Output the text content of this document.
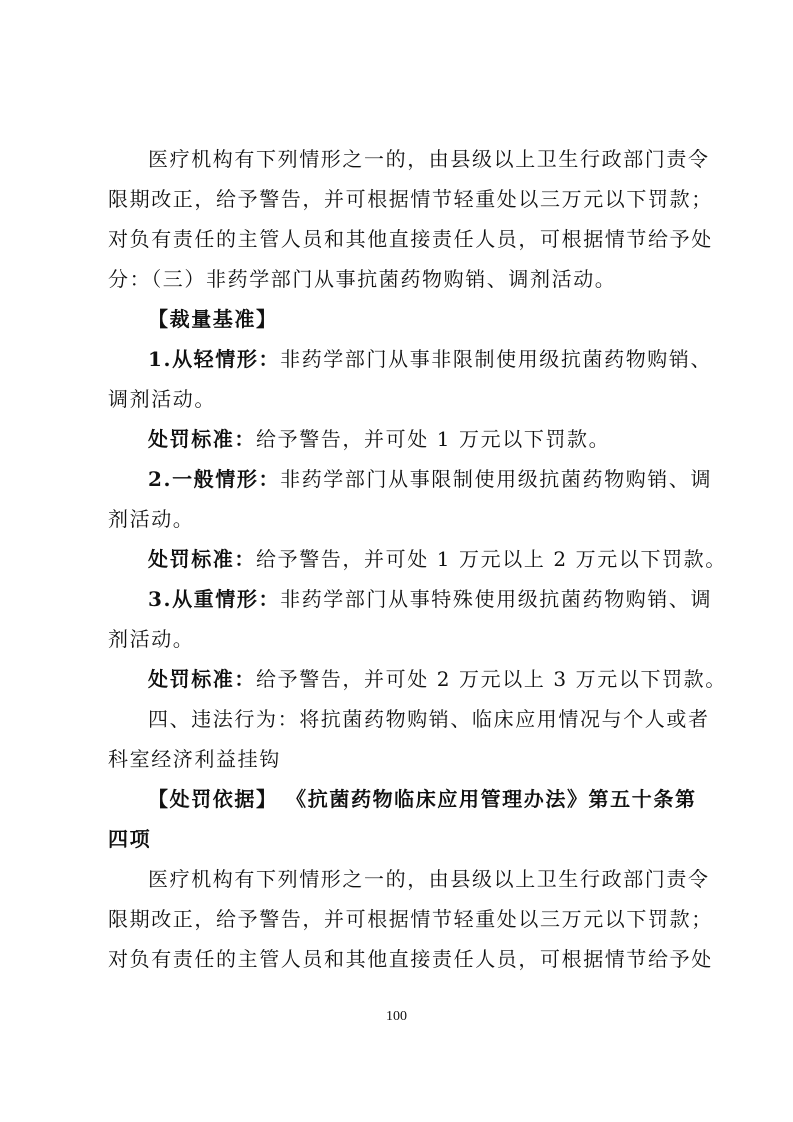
医疗机构有下列情形之一的，由县级以上卫生行政部门责令
限期改正，给予警告，并可根据情节轻重处以三万元以下罚款；
对负有责任的主管人员和其他直接责任人员，可根据情节给予处
分：（三）非药学部门从事抗菌药物购销、调剂活动。
【裁量基准】
1.从轻情形：非药学部门从事非限制使用级抗菌药物购销、
调剂活动。
处罚标准：给予警告，并可处 1 万元以下罚款。
2.一般情形：非药学部门从事限制使用级抗菌药物购销、调
剂活动。
处罚标准：给予警告，并可处 1 万元以上 2 万元以下罚款。
3.从重情形：非药学部门从事特殊使用级抗菌药物购销、调
剂活动。
处罚标准：给予警告，并可处 2 万元以上 3 万元以下罚款。
四、违法行为：将抗菌药物购销、临床应用情况与个人或者
科室经济利益挂钩
【处罚依据】 《抗菌药物临床应用管理办法》第五十条第
四项
医疗机构有下列情形之一的，由县级以上卫生行政部门责令
限期改正，给予警告，并可根据情节轻重处以三万元以下罚款；
对负有责任的主管人员和其他直接责任人员，可根据情节给予处
100
